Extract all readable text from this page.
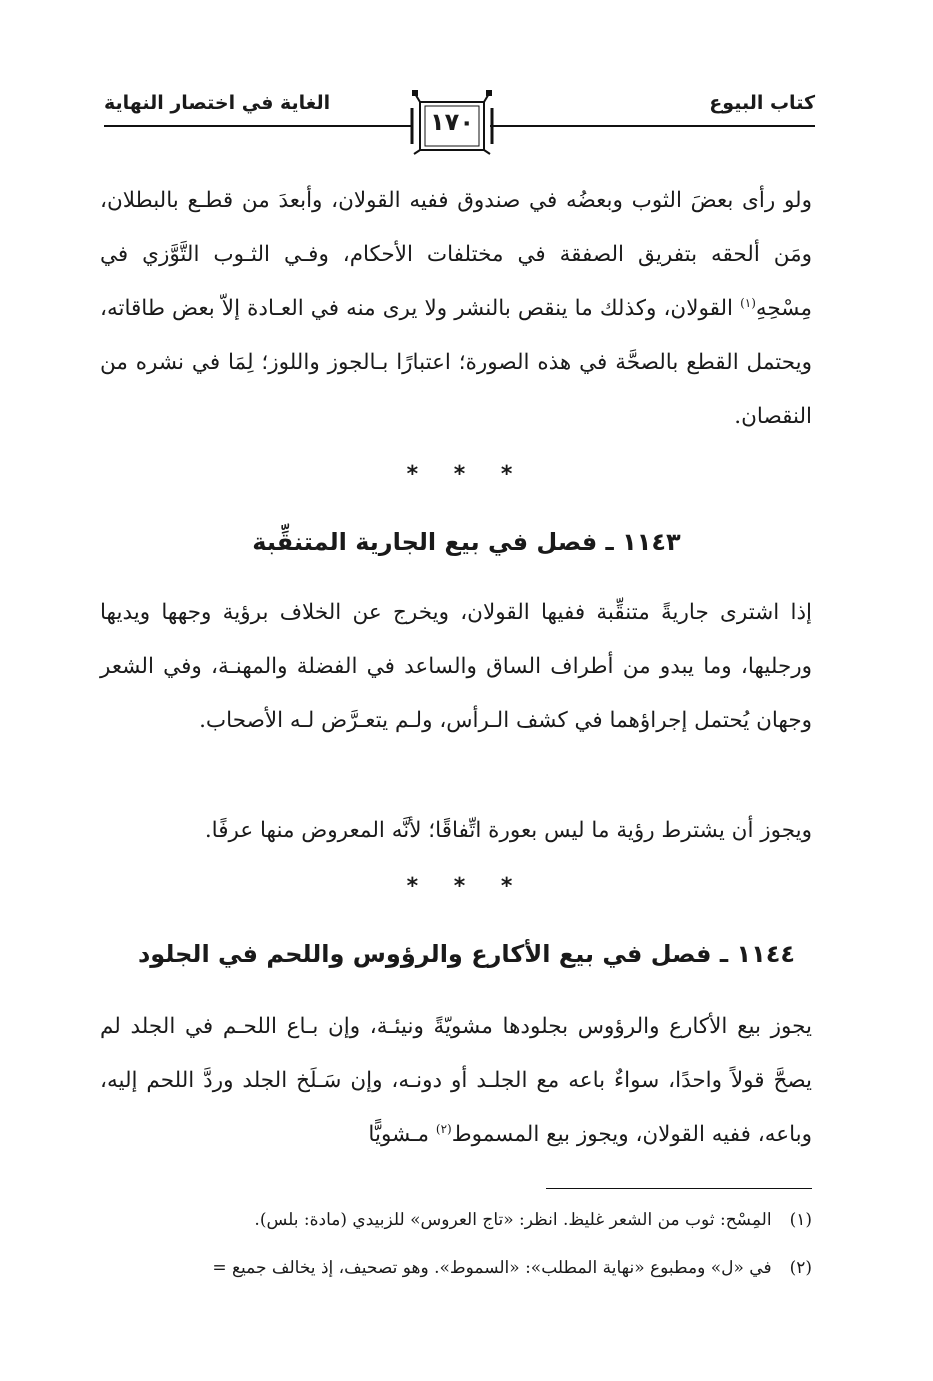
كتاب البيوع
الغاية في اختصار النهاية
١٧٠
ولو رأى بعضَ الثوب وبعضُه في صندوق ففيه القولان، وأبعدَ من قطـع بالبطلان، ومَن ألحقه بتفريق الصفقة في مختلفات الأحكام، وفـي الثـوب التَّوَّزي في مِسْحِهِ$^{(١)}$ القولان، وكذلك ما ينقص بالنشر ولا يرى منه في العـادة إلاّ بعض طاقاته، ويحتمل القطع بالصحَّة في هذه الصورة؛ اعتبارًا بـالجوز واللوز؛ لِمَا في نشره من النقصان.
* * *
١١٤٣ ـ فصل في بيع الجارية المتنقِّبة
إذا اشترى جاريةً متنقِّبة ففيها القولان، ويخرج عن الخلاف برؤية وجهها ويديها ورجليها، وما يبدو من أطراف الساق والساعد في الفضلة والمهنـة، وفي الشعر وجهان يُحتمل إجراؤهما في كشف الـرأس، ولـم يتعـرَّض لـه الأصحاب.
ويجوز أن يشترط رؤية ما ليس بعورة اتِّفاقًا؛ لأنَّه المعروض منها عرفًا.
* * *
١١٤٤ ـ فصل في بيع الأكارع والرؤوس واللحم في الجلود
يجوز بيع الأكارع والرؤوس بجلودها مشويّةً ونيئـة، وإن بـاع اللحـم في الجلد لم يصحَّ قولاً واحدًا، سواءٌ باعه مع الجلـد أو دونـه، وإن سَـلَخ الجلد وردَّ اللحم إليه، وباعه، ففيه القولان، ويجوز بيع المسموط$^{(٢)}$ مـشويًّا
(١)المِسْح: ثوب من الشعر غليظ. انظر: «تاج العروس» للزبيدي (مادة: بلس).
(٢)في «ل» ومطبوع «نهاية المطلب»: «السموط». وهو تصحيف، إذ يخالف جميع =
